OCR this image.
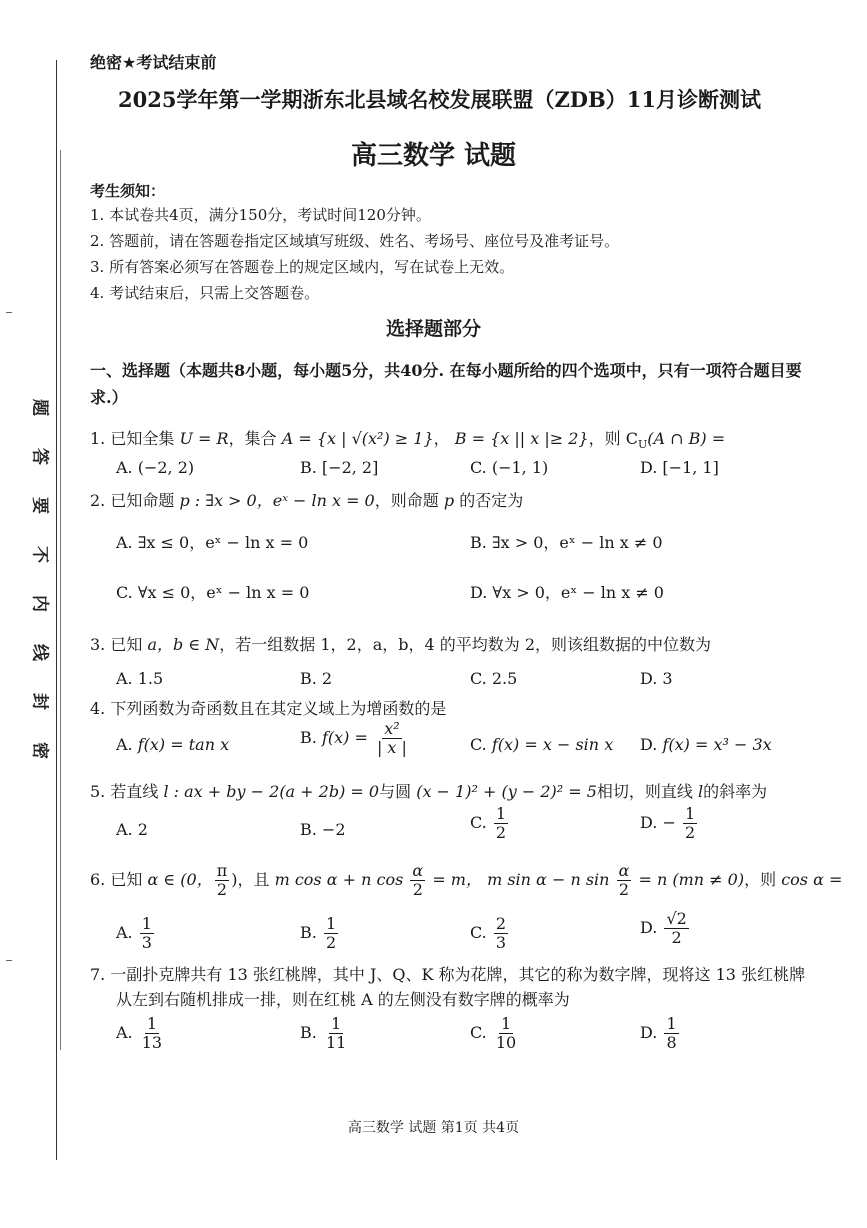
题
答
要
不
内
线
封
密
绝密★考试结束前
2025学年第一学期浙东北县域名校发展联盟（ZDB）11月诊断测试
高三数学 试题
考生须知：
1. 本试卷共4页，满分150分，考试时间120分钟。
2. 答题前，请在答题卷指定区域填写班级、姓名、考场号、座位号及准考证号。
3. 所有答案必须写在答题卷上的规定区域内，写在试卷上无效。
4. 考试结束后，只需上交答题卷。
选择题部分
一、选择题（本题共8小题，每小题5分，共40分. 在每小题所给的四个选项中，只有一项符合题目要求.）
1. 已知全集 U = R，集合 A = {x | √(x²) ≥ 1}， B = {x || x |≥ 2}，则 $C_U(A$ ∩ B) =
A. (−2, 2)	B. [−2, 2]	C. (−1, 1)	D. [−1, 1]
2. 已知命题 p : ∃x > 0，eˣ − ln x = 0，则命题 p 的否定为
A. ∃x ≤ 0，eˣ − ln x = 0	B. ∃x > 0，eˣ − ln x ≠ 0
C. ∀x ≤ 0，eˣ − ln x = 0	D. ∀x > 0，eˣ − ln x ≠ 0
3. 已知 a，b ∈ N，若一组数据 1，2，a，b，4 的平均数为 2，则该组数据的中位数为
A. 1.5	B. 2	C. 2.5	D. 3
4. 下列函数为奇函数且在其定义域上为增函数的是
A. f(x) = tan x	B. $f(x) = \frac{\text{x²}}{| x |}$	C. f(x) = x − sin x D. f(x) = x³ − 3x
5. 若直线 l : ax + by − 2(a + 2b) = 0与圆 (x − 1)² + (y − 2)² = 5相切，则直线 l的斜率为
A. 2	B. −2	C. $\frac{1}{2}$	D. − $\frac{1}{2}$
6. 已知 α ∈ (0， $\frac{\pi}{2}$ )，且 m cos α + n $\cos \frac{\alpha}{2} = m$， m sin α − n $\sin \frac{\alpha}{2} = n$ (mn ≠ 0)，则 cos α =
A. $\frac{1}{3}$	B. $\frac{1}{2}$	C. $\frac{2}{3}$	D. $\frac{√2}{2}$
7. 一副扑克牌共有 13 张红桃牌，其中 J、Q、K 称为花牌，其它的称为数字牌，现将这 13 张红桃牌
从左到右随机排成一排，则在红桃 A 的左侧没有数字牌的概率为
A. $\frac{1}{13}$	B. $\frac{1}{11}$	C. $\frac{1}{10}$	D. $\frac{1}{8}$
高三数学 试题 第1页 共4页
